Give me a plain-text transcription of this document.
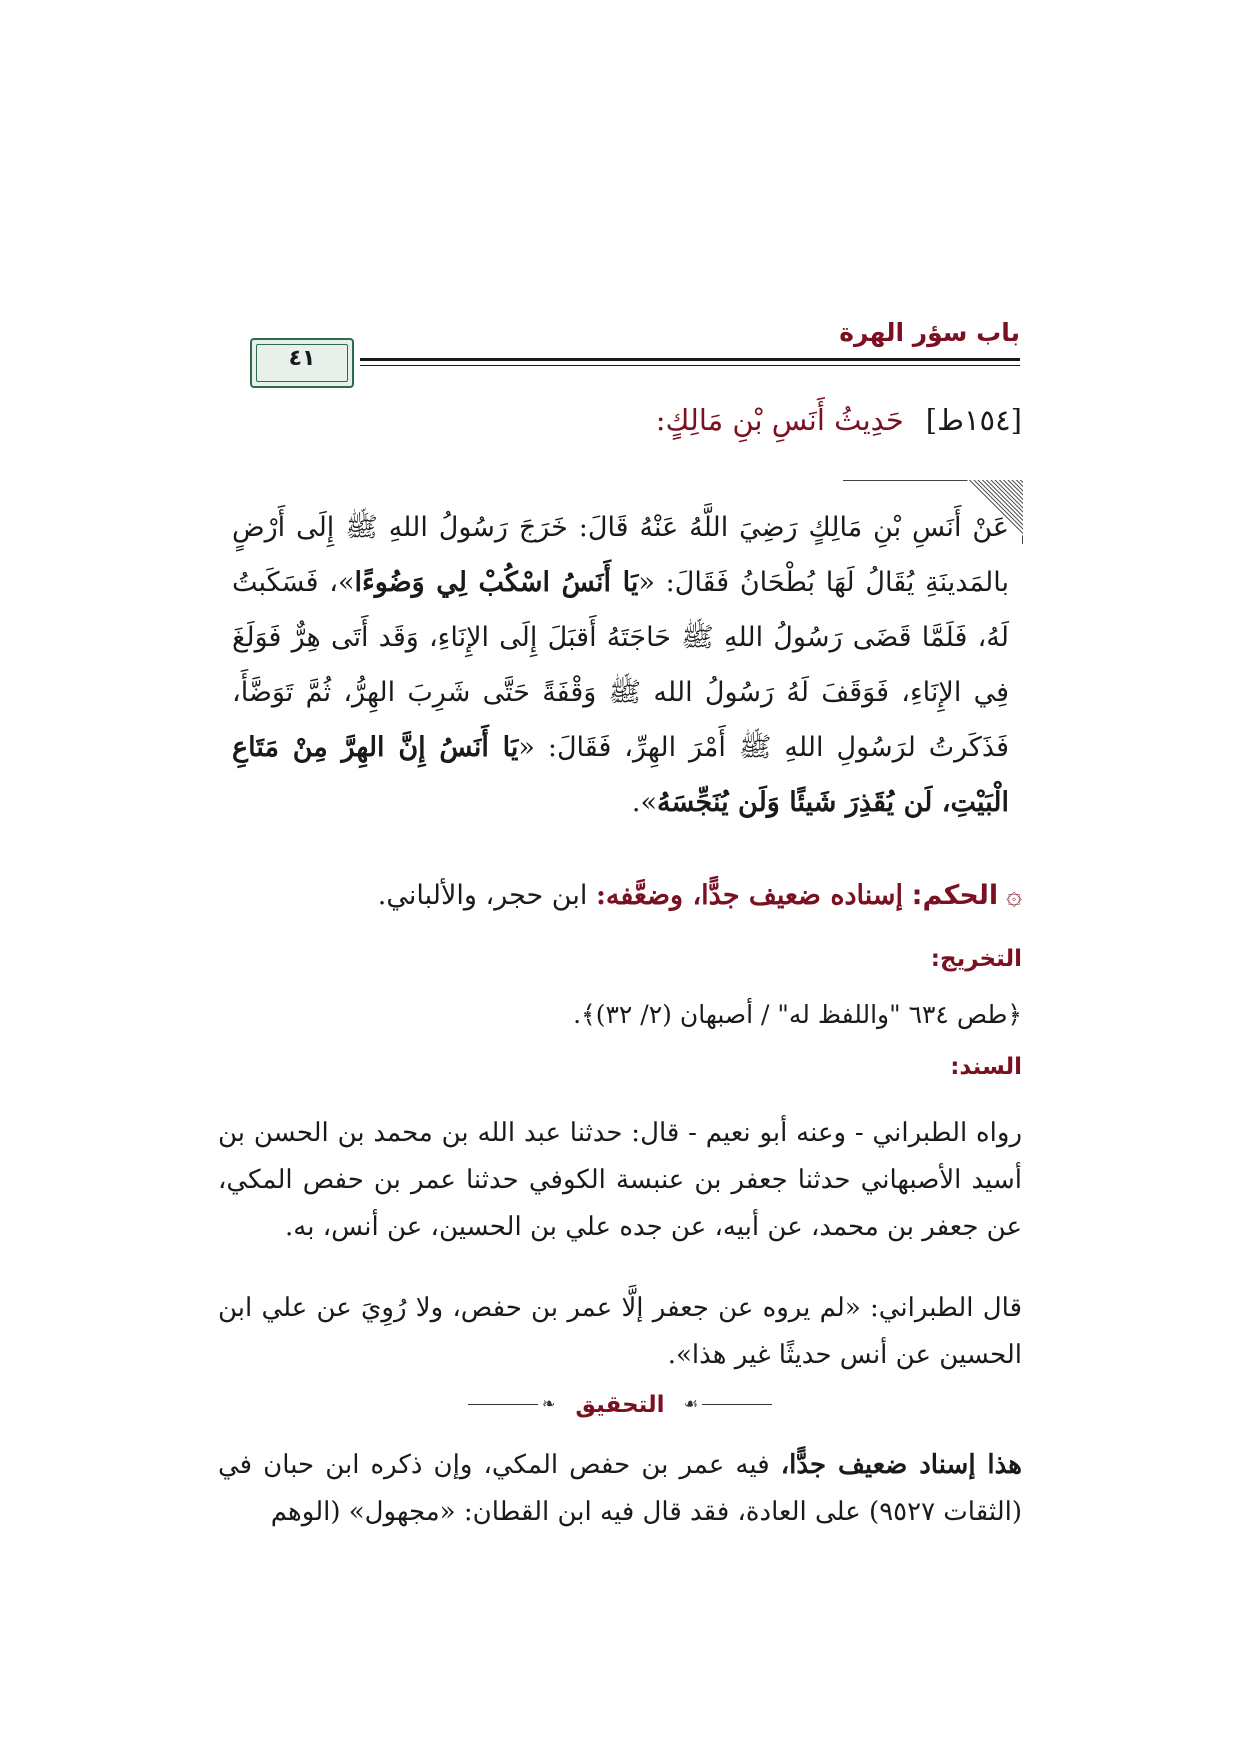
باب سؤر الهرة
٤١
[١٥٤ط]حَدِيثُ أَنَسِ بْنِ مَالِكٍ:
عَنْ أَنَسِ بْنِ مَالِكٍ رَضِيَ اللَّهُ عَنْهُ قَالَ: خَرَجَ رَسُولُ اللهِ ﷺ إِلَى أَرْضٍ بالمَدينَةِ يُقَالُ لَهَا بُطْحَانُ فَقَالَ: «يَا أَنَسُ اسْكُبْ لِي وَضُوءًا»، فَسَكَبتُ لَهُ، فَلَمَّا قَضَى رَسُولُ اللهِ ﷺ حَاجَتَهُ أَقبَلَ إِلَى الإِنَاءِ، وَقَد أَتَى هِرٌّ فَوَلَغَ فِي الإِنَاءِ، فَوَقَفَ لَهُ رَسُولُ الله ﷺ وَقْفَةً حَتَّى شَرِبَ الهِرُّ، ثُمَّ تَوَضَّأَ، فَذَكَرتُ لرَسُولِ اللهِ ﷺ أَمْرَ الهِرِّ، فَقَالَ: «يَا أَنَسُ إِنَّ الهِرَّ مِنْ مَتَاعِ الْبَيْتِ، لَن يُقَذِرَ شَيئًا وَلَن يُنَجِّسَهُ».
۞الحكم: إسناده ضعيف جدًّا، وضعَّفه: ابن حجر، والألباني.
التخريج:
﴿طص ٦٣٤ "واللفظ له" / أصبهان (٢/ ٣٢)﴾.
السند:
رواه الطبراني - وعنه أبو نعيم - قال: حدثنا عبد الله بن محمد بن الحسن بن أسيد الأصبهاني حدثنا جعفر بن عنبسة الكوفي حدثنا عمر بن حفص المكي، عن جعفر بن محمد، عن أبيه، عن جده علي بن الحسين، عن أنس، به.
قال الطبراني: «لم يروه عن جعفر إلَّا عمر بن حفص، ولا رُوِيَ عن علي ابن الحسين عن أنس حديثًا غير هذا».
❧	☙
التحقيق
هذا إسناد ضعيف جدًّا، فيه عمر بن حفص المكي، وإن ذكره ابن حبان في (الثقات ٩٥٢٧) على العادة، فقد قال فيه ابن القطان: «مجهول» (الوهم
